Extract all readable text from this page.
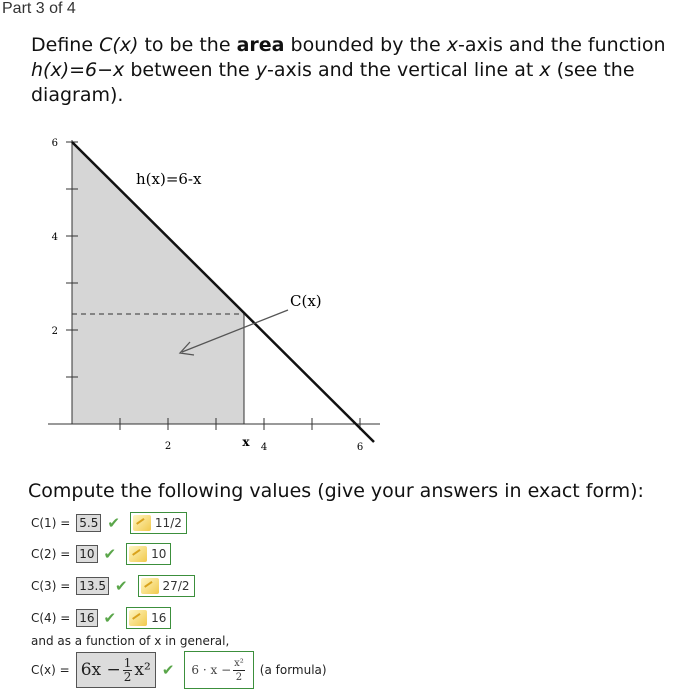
Part 3 of 4
Define C(x) to be the area bounded by the x-axis and the function h(x)=6−x between the y-axis and the vertical line at x (see the diagram).
6
4
2
2	x 4	6
h(x)=6-x
C(x)
Compute the following values (give your answers in exact form):
C(1) = 5.5 ✔	11/2
C(2) = 10 ✔	10
C(3) = 13.5 ✔	27/2
C(4) = 16 ✔	16
and as a function of x in general,
$C(x) = 6x - \frac{1}{2} x^2$ ✔ $6 \cdot x - \frac{\text{x²}}{2} (a$ formula)
